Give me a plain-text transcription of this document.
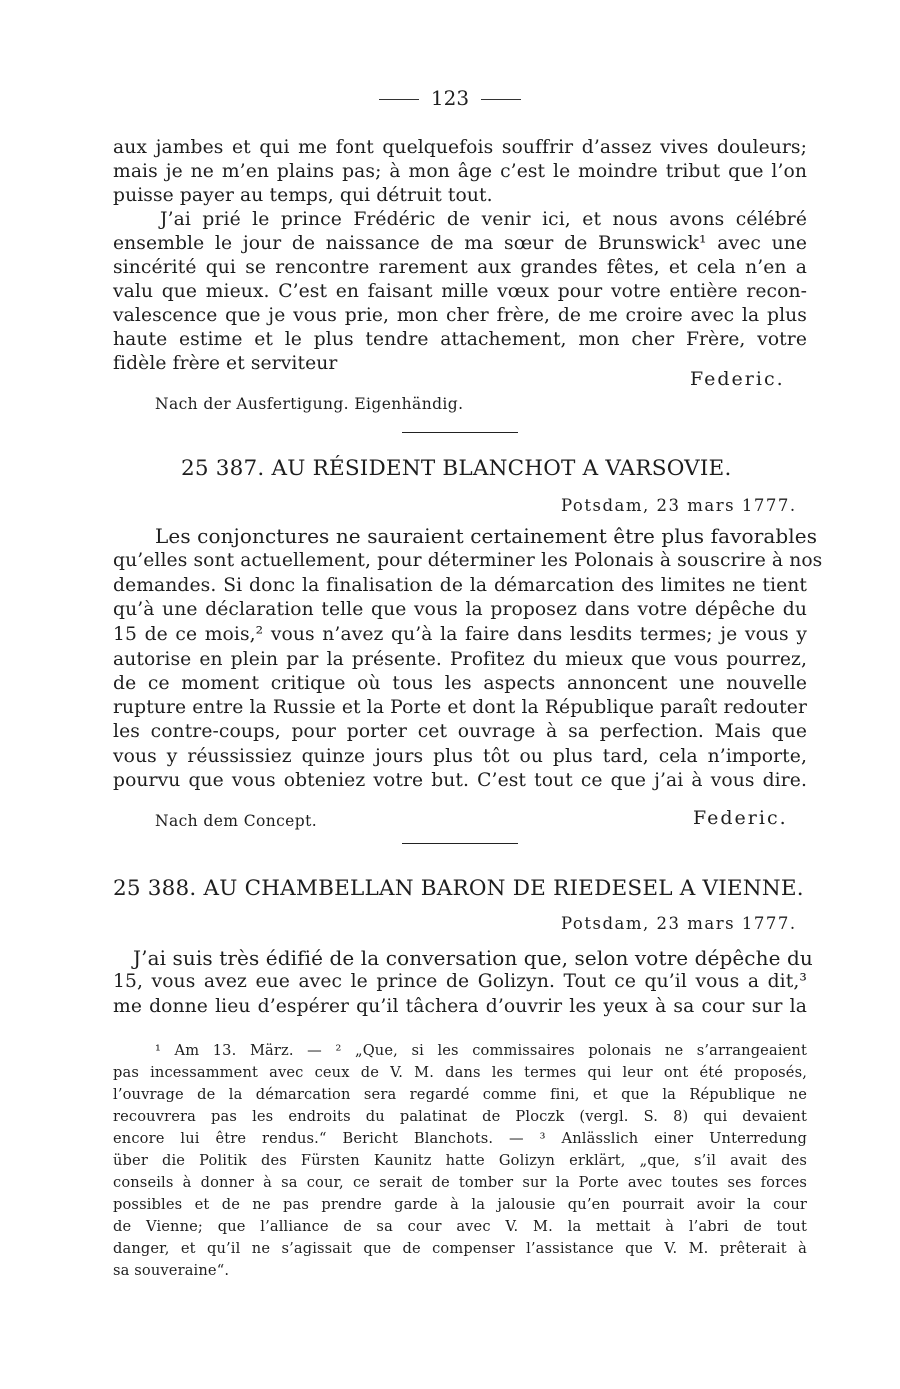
123
aux jambes et qui me font quelquefois souffrir d’assez vives douleurs;
mais je ne m’en plains pas; à mon âge c’est le moindre tribut que l’on
puisse payer au temps, qui détruit tout.
J’ai prié le prince Frédéric de venir ici, et nous avons célébré
ensemble le jour de naissance de ma sœur de Brunswick¹ avec une
sincérité qui se rencontre rarement aux grandes fêtes, et cela n’en a
valu que mieux. C’est en faisant mille vœux pour votre entière recon-
valescence que je vous prie, mon cher frère, de me croire avec la plus
haute estime et le plus tendre attachement, mon cher Frère, votre
fidèle frère et serviteur
Federic.
Nach der Ausfertigung. Eigenhändig.
25 387. AU RÉSIDENT BLANCHOT A VARSOVIE.
Potsdam, 23 mars 1777.
Les conjonctures ne sauraient certainement être plus favorables
qu’elles sont actuellement, pour déterminer les Polonais à souscrire à nos
demandes. Si donc la finalisation de la démarcation des limites ne tient
qu’à une déclaration telle que vous la proposez dans votre dépêche du
15 de ce mois,² vous n’avez qu’à la faire dans lesdits termes; je vous y
autorise en plein par la présente. Profitez du mieux que vous pourrez,
de ce moment critique où tous les aspects annoncent une nouvelle
rupture entre la Russie et la Porte et dont la République paraît redouter
les contre-coups, pour porter cet ouvrage à sa perfection. Mais que
vous y réussissiez quinze jours plus tôt ou plus tard, cela n’importe,
pourvu que vous obteniez votre but. C’est tout ce que j’ai à vous dire.
Nach dem Concept.	Federic.
25 388. AU CHAMBELLAN BARON DE RIEDESEL A VIENNE.
Potsdam, 23 mars 1777.
J’ai suis très édifié de la conversation que, selon votre dépêche du
15, vous avez eue avec le prince de Golizyn. Tout ce qu’il vous a dit,³
me donne lieu d’espérer qu’il tâchera d’ouvrir les yeux à sa cour sur la
¹ Am 13. März. — ² „Que, si les commissaires polonais ne s’arrangeaient
pas incessamment avec ceux de V. M. dans les termes qui leur ont été proposés,
l’ouvrage de la démarcation sera regardé comme fini, et que la République ne
recouvrera pas les endroits du palatinat de Ploczk (vergl. S. 8) qui devaient
encore lui être rendus.“ Bericht Blanchots. — ³ Anlässlich einer Unterredung
über die Politik des Fürsten Kaunitz hatte Golizyn erklärt, „que, s’il avait des
conseils à donner à sa cour, ce serait de tomber sur la Porte avec toutes ses forces
possibles et de ne pas prendre garde à la jalousie qu’en pourrait avoir la cour
de Vienne; que l’alliance de sa cour avec V. M. la mettait à l’abri de tout
danger, et qu’il ne s’agissait que de compenser l’assistance que V. M. prêterait à
sa souveraine“.
